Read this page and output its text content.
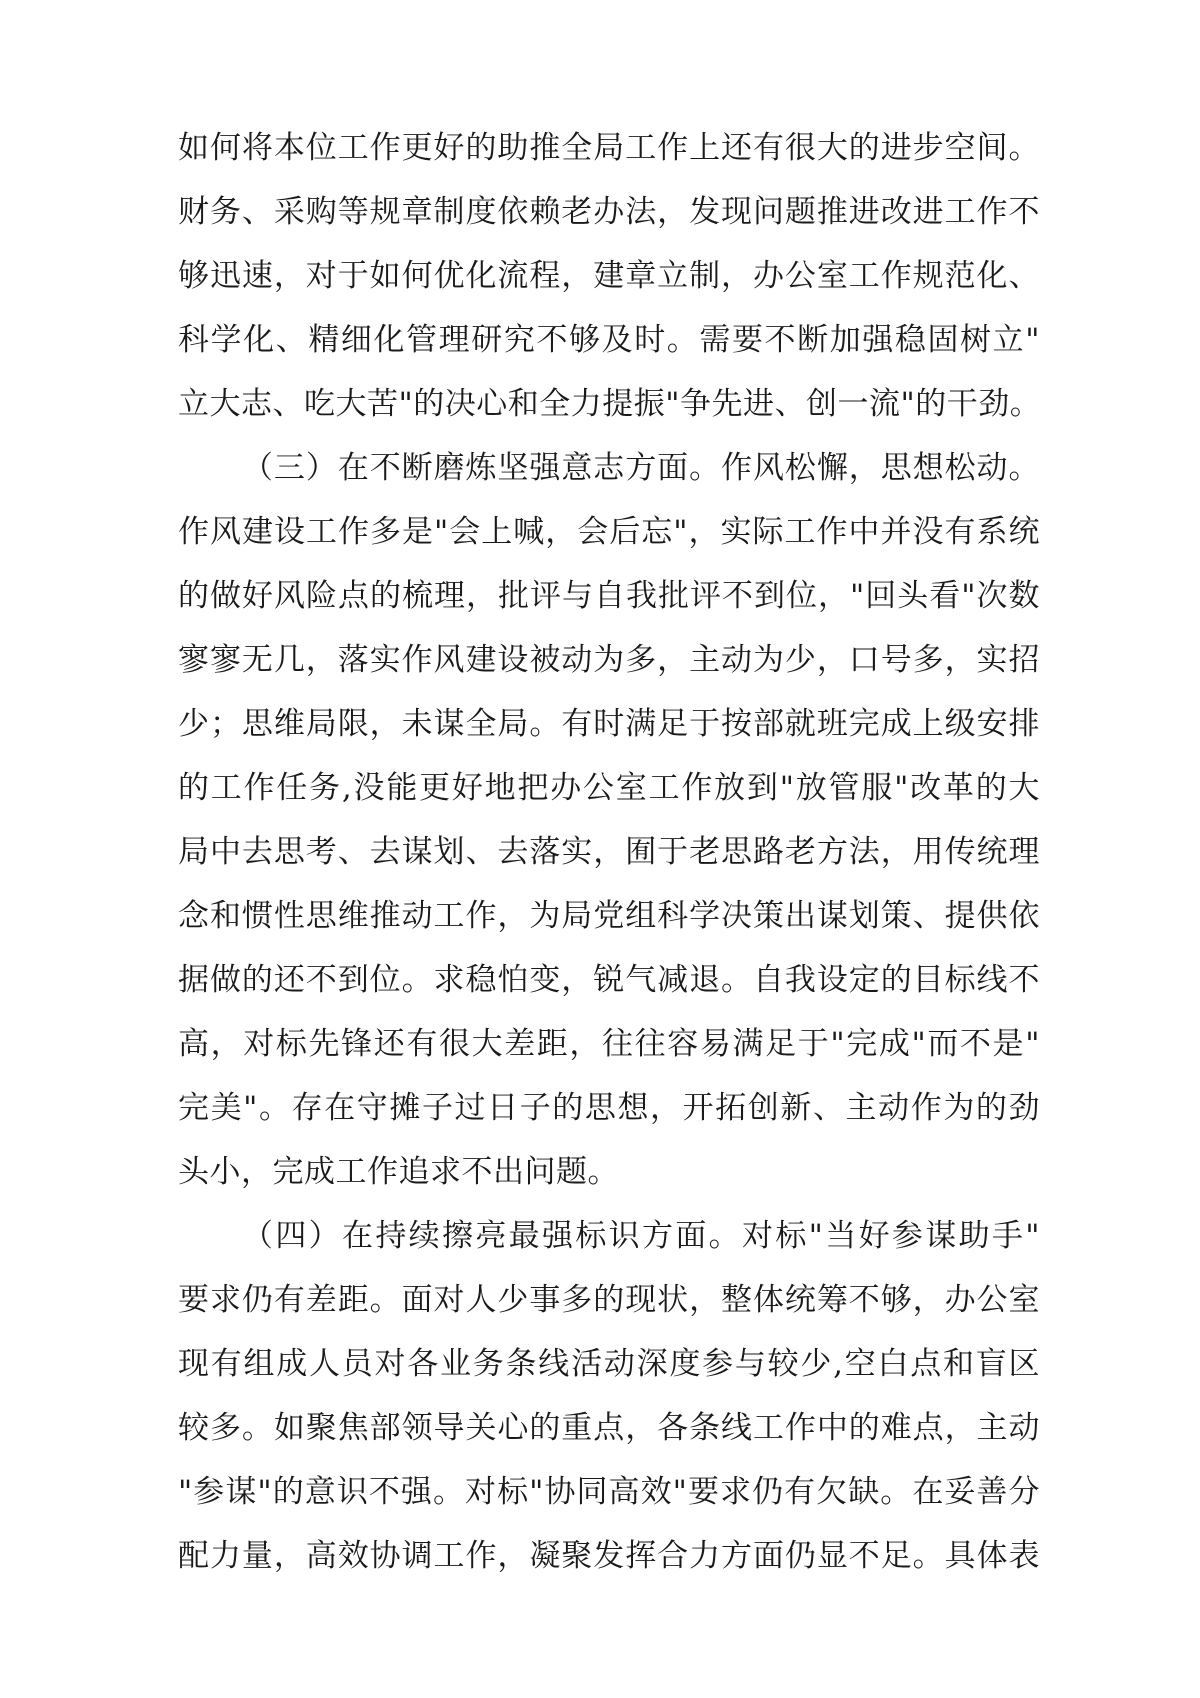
如何将本位工作更好的助推全局工作上还有很大的进步空间。
财务、采购等规章制度依赖老办法，发现问题推进改进工作不
够迅速，对于如何优化流程，建章立制，办公室工作规范化、
科学化、精细化管理研究不够及时。需要不断加强稳固树立"
立大志、吃大苦"的决心和全力提振"争先进、创一流"的干劲。
（三）在不断磨炼坚强意志方面。作风松懈，思想松动。
作风建设工作多是"会上喊，会后忘"，实际工作中并没有系统
的做好风险点的梳理，批评与自我批评不到位，"回头看"次数
寥寥无几，落实作风建设被动为多，主动为少，口号多，实招
少；思维局限，未谋全局。有时满足于按部就班完成上级安排
的工作任务,没能更好地把办公室工作放到"放管服"改革的大
局中去思考、去谋划、去落实，囿于老思路老方法，用传统理
念和惯性思维推动工作，为局党组科学决策出谋划策、提供依
据做的还不到位。求稳怕变，锐气减退。自我设定的目标线不
高，对标先锋还有很大差距，往往容易满足于"完成"而不是"
完美"。存在守摊子过日子的思想，开拓创新、主动作为的劲
头小，完成工作追求不出问题。
（四）在持续擦亮最强标识方面。对标"当好参谋助手"
要求仍有差距。面对人少事多的现状，整体统筹不够，办公室
现有组成人员对各业务条线活动深度参与较少,空白点和盲区
较多。如聚焦部领导关心的重点，各条线工作中的难点，主动
"参谋"的意识不强。对标"协同高效"要求仍有欠缺。在妥善分
配力量，高效协调工作，凝聚发挥合力方面仍显不足。具体表
